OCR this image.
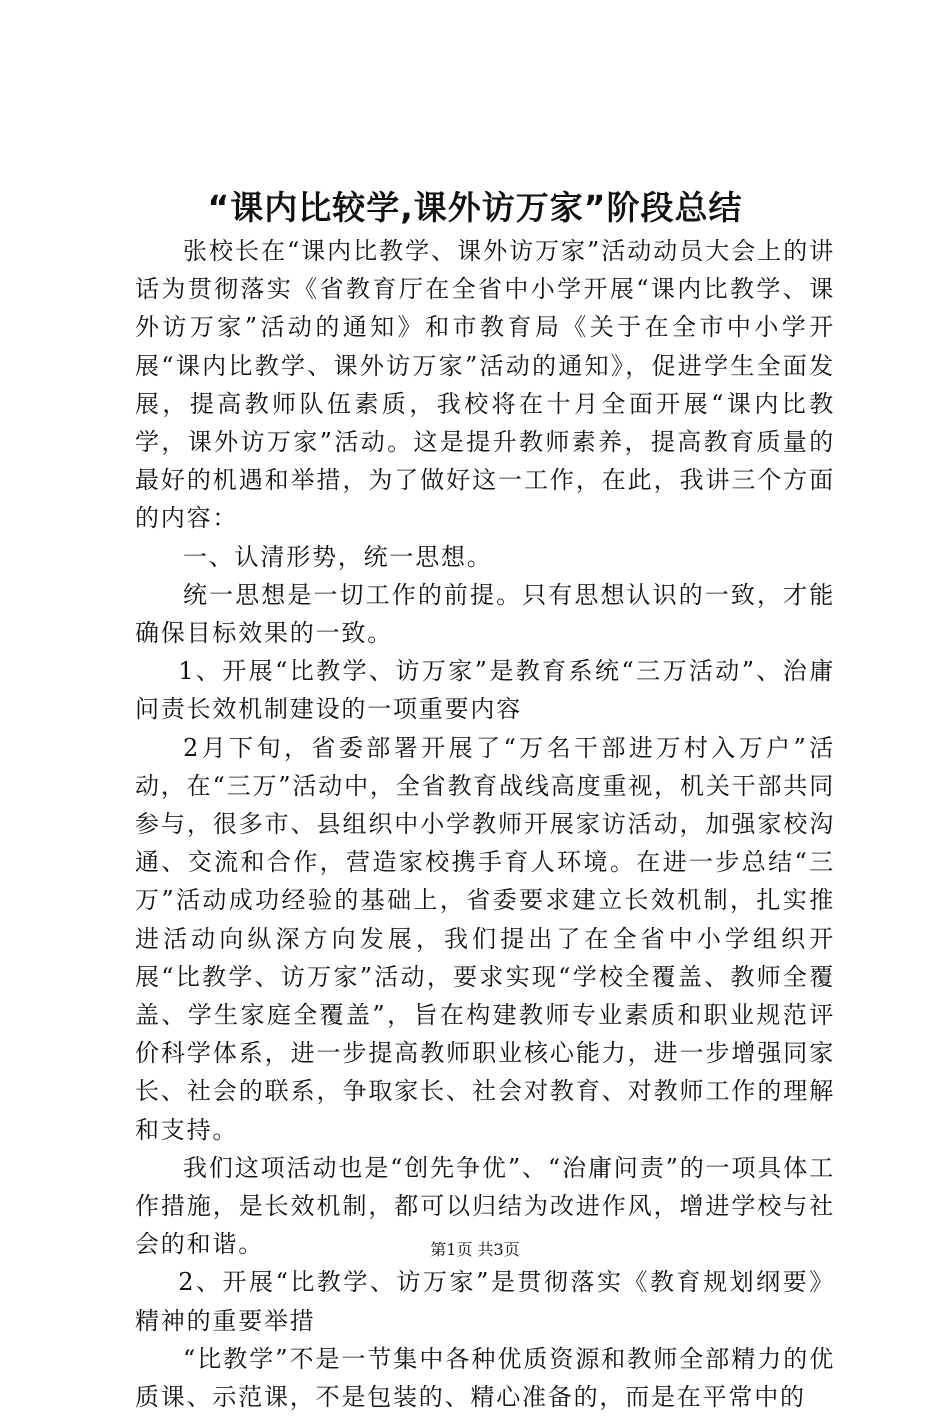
“课内比较学,课外访万家”阶段总结

张校长在“课内比教学、课外访万家”活动动员大会上的讲话为贯彻落实《省教育厅在全省中小学开展“课内比教学、课外访万家”活动的通知》和市教育局《关于在全市中小学开展“课内比教学、课外访万家”活动的通知》，促进学生全面发展，提高教师队伍素质，我校将在十月全面开展“课内比教学，课外访万家”活动。这是提升教师素养，提高教育质量的最好的机遇和举措，为了做好这一工作，在此，我讲三个方面的内容：

一、认清形势，统一思想。

统一思想是一切工作的前提。只有思想认识的一致，才能确保目标效果的一致。

1、开展“比教学、访万家”是教育系统“三万活动”、治庸问责长效机制建设的一项重要内容

2月下旬，省委部署开展了“万名干部进万村入万户”活动，在“三万”活动中，全省教育战线高度重视，机关干部共同参与，很多市、县组织中小学教师开展家访活动，加强家校沟通、交流和合作，营造家校携手育人环境。在进一步总结“三万”活动成功经验的基础上，省委要求建立长效机制，扎实推进活动向纵深方向发展，我们提出了在全省中小学组织开展“比教学、访万家”活动，要求实现“学校全覆盖、教师全覆盖、学生家庭全覆盖”，旨在构建教师专业素质和职业规范评价科学体系，进一步提高教师职业核心能力，进一步增强同家长、社会的联系，争取家长、社会对教育、对教师工作的理解和支持。

我们这项活动也是“创先争优”、“治庸问责”的一项具体工作措施，是长效机制，都可以归结为改进作风，增进学校与社会的和谐。

2、开展“比教学、访万家”是贯彻落实《教育规划纲要》精神的重要举措

“比教学”不是一节集中各种优质资源和教师全部精力的优质课、示范课，不是包装的、精心准备的，而是在平常中的

第1页 共3页
